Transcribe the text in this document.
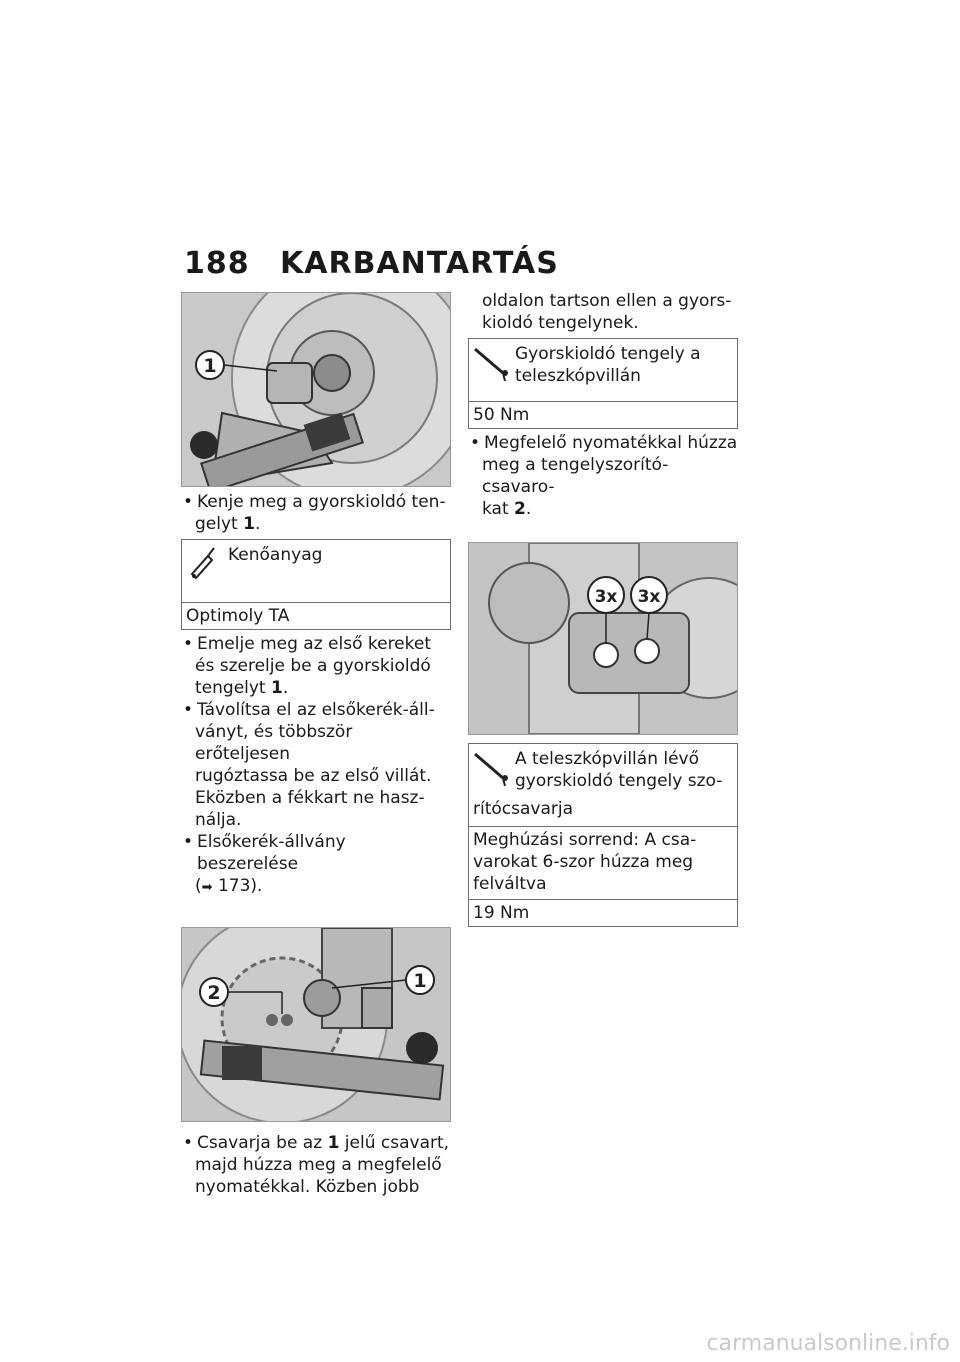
188 KARBANTARTÁS
1

• Kenje meg a gyorskioldó ten-

gelyt 1.

Kenőanyag
Optimoly TA

• Emelje meg az első kereket

és szerelje be a gyorskioldó

tengelyt 1.

• Távolítsa el az elsőkerék-áll-

ványt, és többször erőteljesen

rugóztassa be az első villát.

Eközben a fékkart ne hasz-

nálja.

• Elsőkerék-állvány beszerelése

(➡ 173).

2
1

• Csavarja be az 1 jelű csavart,

majd húzza meg a megfelelő

nyomatékkal. Közben jobb

oldalon tartson ellen a gyors-

kioldó tengelynek.

Gyorskioldó tengely a
teleszkópvillán
50 Nm

• Megfelelő nyomatékkal húzza

meg a tengelyszorító-csavaro-

kat 2.

3x 3x
A teleszkópvillán lévő
gyorskioldó tengely szo-
rítócsavarja
Meghúzási sorrend: A csa-
varokat 6-szor húzza meg
felváltva
19 Nm
carmanualsonline.info
